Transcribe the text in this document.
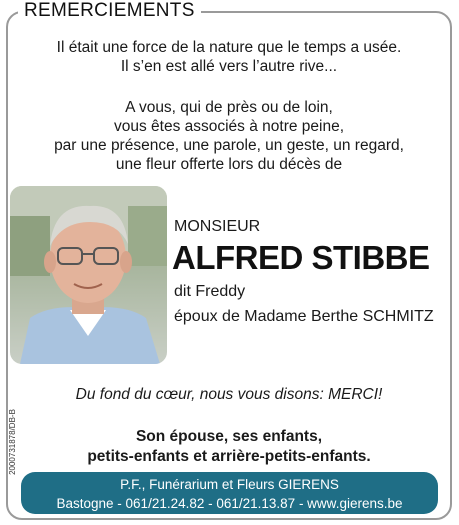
REMERCIEMENTS
Il était une force de la nature que le temps a usée.
Il s’en est allé vers l’autre rive...
A vous, qui de près ou de loin,
vous êtes associés à notre peine,
par une présence, une parole, un geste, un regard,
une fleur offerte lors du décès de
MONSIEUR
ALFRED STIBBE
dit Freddy
époux de Madame Berthe SCHMITZ
Du fond du cœur, nous vous disons: MERCI!
Son épouse, ses enfants,
petits-enfants et arrière-petits-enfants.
2000731878/DB-B
P.F., Funérarium et Fleurs GIERENS
Bastogne - 061/21.24.82 - 061/21.13.87 - www.gierens.be
